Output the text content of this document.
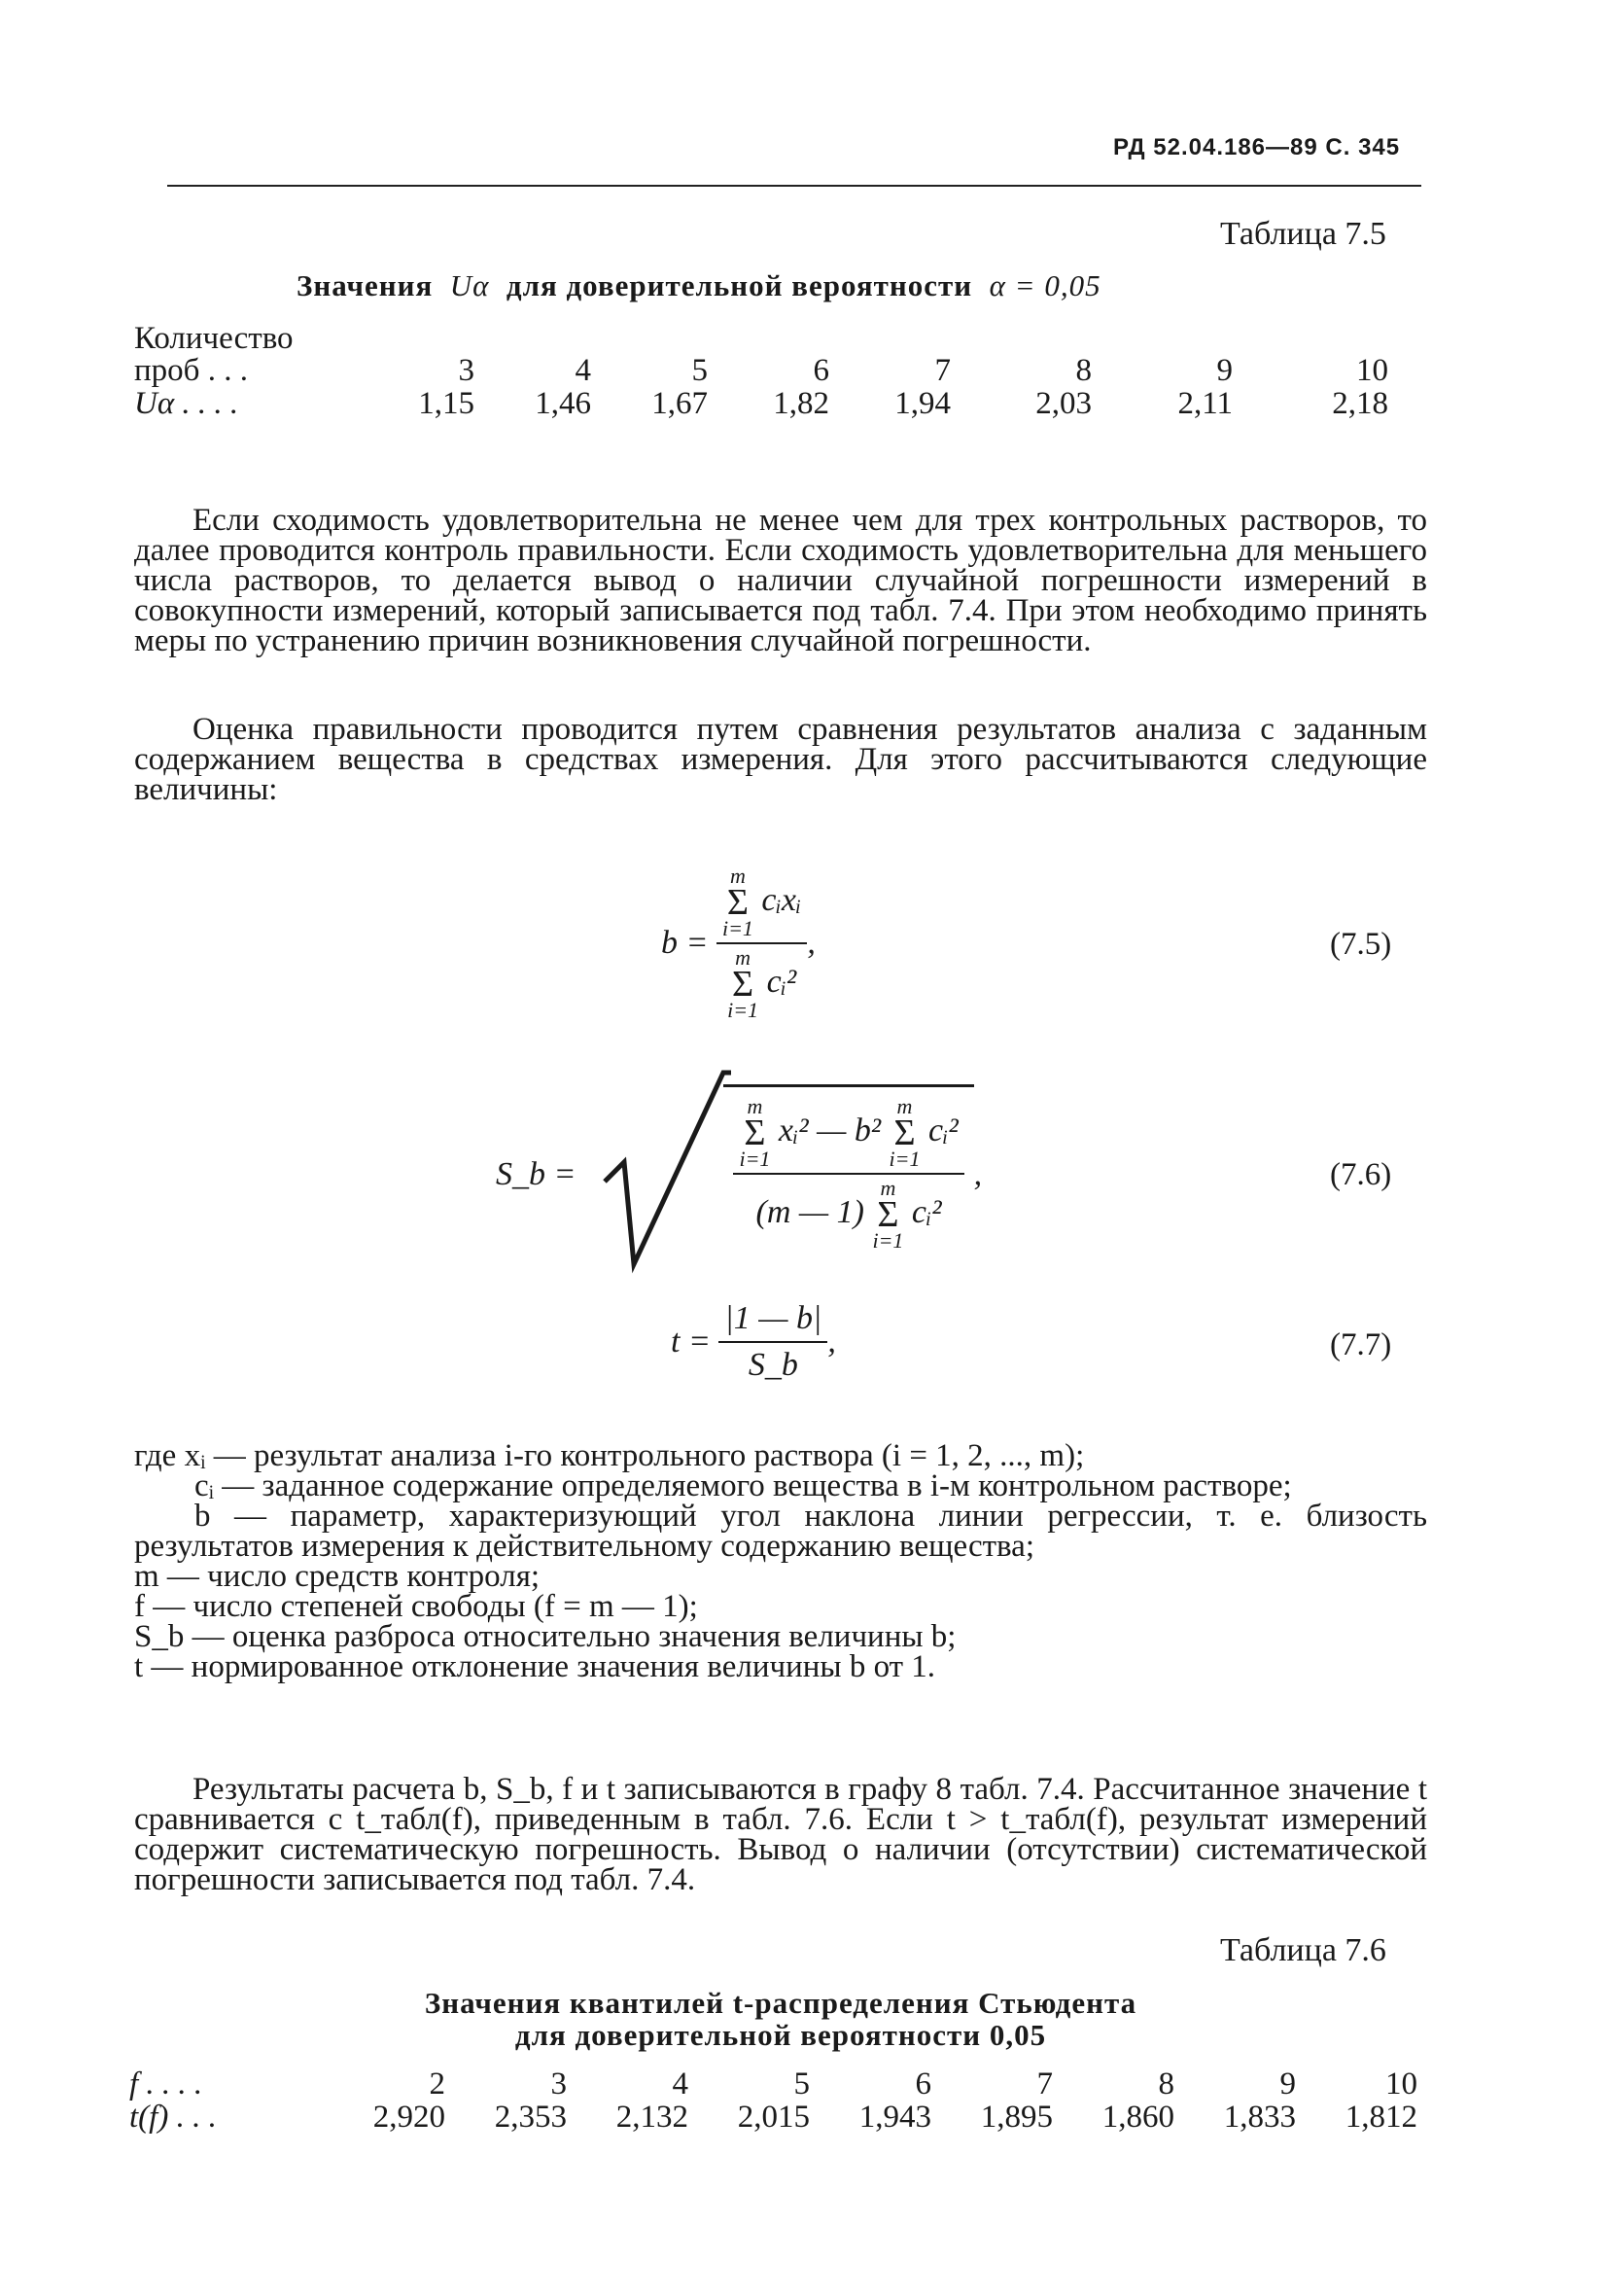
РД 52.04.186—89 С. 345
Таблица 7.5
Значения Uα для доверительной вероятности α = 0,05
Количество
проб . . .	3	4	5	6	7	8	9	10
Uα . . . .	1,15	1,46	1,67	1,82	1,94	2,03	2,11	2,18
Если сходимость удовлетворительна не менее чем для трех контрольных растворов, то далее проводится контроль правильности. Если сходимость удовлетворительна для меньшего числа растворов, то делается вывод о наличии случайной погрешности измерений в совокупности измерений, который записывается под табл. 7.4. При этом необходимо принять меры по устранению причин возникновения случайной погрешности.
Оценка правильности проводится путем сравнения результатов анализа с заданным содержанием вещества в средствах измерения. Для этого рассчитываются следующие величины:
b =
m
Σ
i=1 cᵢxᵢ
m
Σ
i=1 cᵢ² ,	(7.5)
S_b =	m
Σ
i=1 xᵢ² — b² m
Σ
i=1 cᵢ²
(m — 1) m
Σ
i=1 cᵢ² ,	(7.6)
t =
$\frac{|1 — b|}{S\_b}$ ,	(7.7)

где xᵢ — результат анализа i-го контрольного раствора (i = 1, 2, ..., m);

cᵢ — заданное содержание определяемого вещества в i-м контрольном растворе;

b — параметр, характеризующий угол наклона линии регрессии, т. е. близость результатов измерения к действительному содержанию вещества;

m — число средств контроля;

f — число степеней свободы (f = m — 1);

S_b — оценка разброса относительно значения величины b;

t — нормированное отклонение значения величины b от 1.

Результаты расчета b, S_b, f и t записываются в графу 8 табл. 7.4. Рассчитанное значение t сравнивается с t_табл(f), приведенным в табл. 7.6. Если t > t_табл(f), результат измерений содержит систематическую погрешность. Вывод о наличии (отсутствии) систематической погрешности записывается под табл. 7.4.
Таблица 7.6
Значения квантилей t-распределения Стьюдента
для доверительной вероятности 0,05
f . . . .	2	3	4	5	6	7	8	9	10
t(f) . . .	2,920	2,353	2,132	2,015	1,943	1,895	1,860	1,833	1,812
